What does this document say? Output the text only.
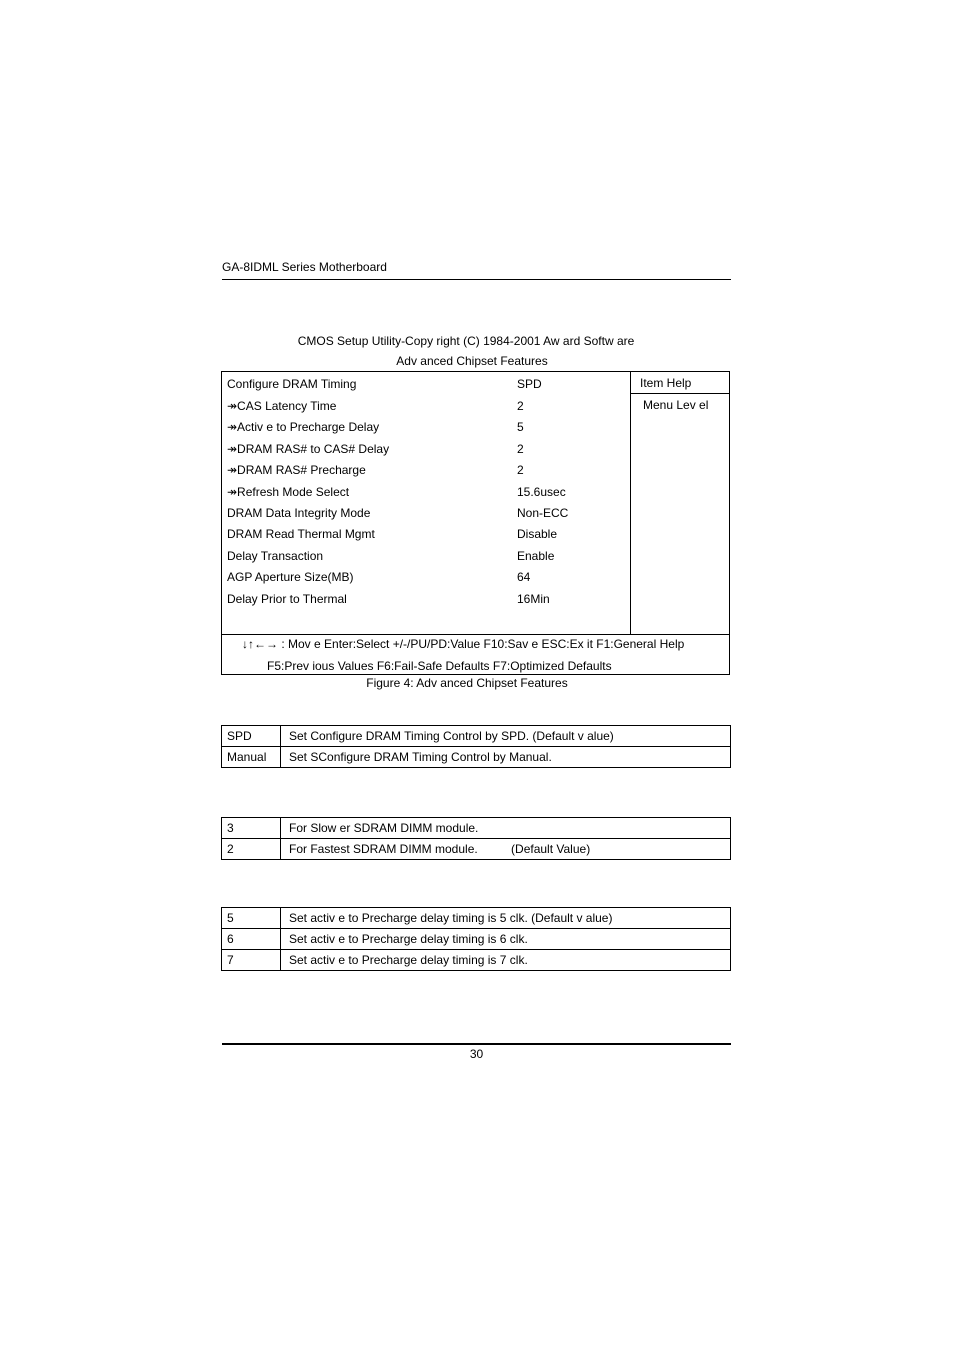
GA-8IDML Series Motherboard
CMOS Setup Utility-Copy right (C) 1984-2001 Aw ard Softw are
Adv anced Chipset Features
Configure DRAM Timing	SPD
↠CAS Latency Time	2
↠Activ e to Precharge Delay	5
↠DRAM RAS# to CAS# Delay	2
↠DRAM RAS# Precharge	2
↠Refresh Mode Select	15.6usec
DRAM Data Integrity Mode	Non-ECC
DRAM Read Thermal Mgmt	Disable
Delay Transaction	Enable
AGP Aperture Size(MB)	64
Delay Prior to Thermal	16Min
Item Help
Menu Lev el
↓↑←→ : Mov e Enter:Select +/-/PU/PD:Value F10:Sav e ESC:Ex it F1:General Help
F5:Prev ious Values F6:Fail-Safe Defaults F7:Optimized Defaults
Figure 4: Adv anced Chipset Features
SPD	Set Configure DRAM Timing Control by SPD. (Default v alue)
Manual	Set SConfigure DRAM Timing Control by Manual.
3	For Slow er SDRAM DIMM module.
2	For Fastest SDRAM DIMM module.          (Default Value)
5	Set activ e to Precharge delay timing is 5 clk. (Default v alue)
6	Set activ e to Precharge delay timing is 6 clk.
7	Set activ e to Precharge delay timing is 7 clk.
30
